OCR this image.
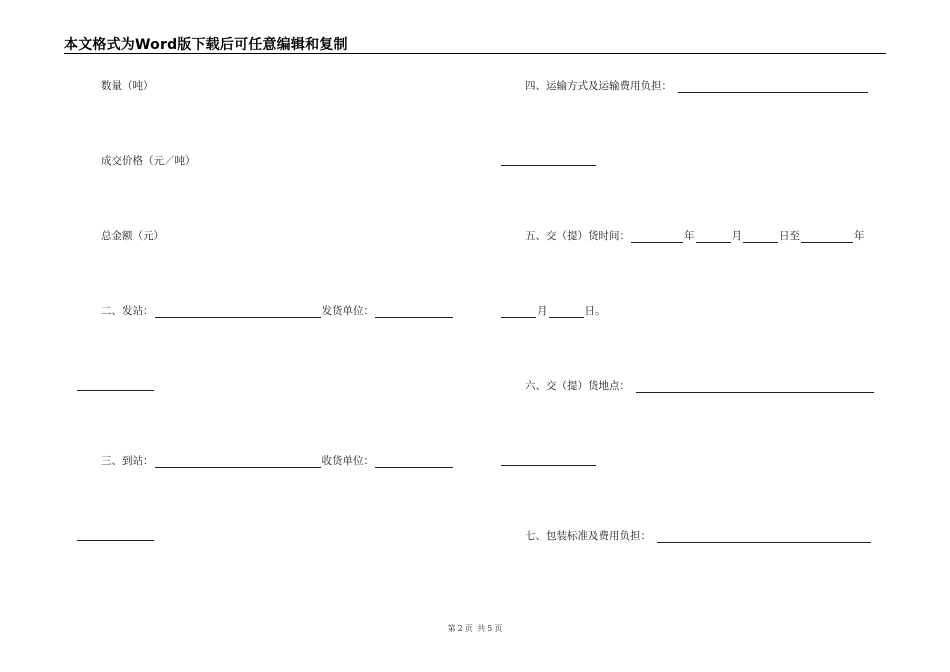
本文格式为Word版下载后可任意编辑和复制
数量（吨）
成交价格（元／吨）
总金额（元）
二、发站：	发货单位：
三、到站：	收货单位：
四、运输方式及运输费用负担：
五、交（提）货时间：	年	月	日至	年
月	日。
六、交（提）货地点：
七、包装标准及费用负担：
第 2 页 共 5 页
